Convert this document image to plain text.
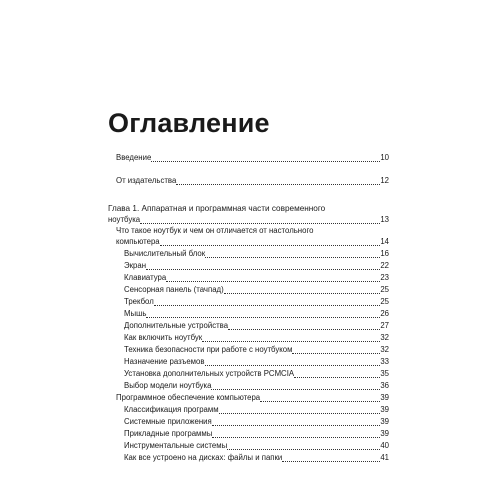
Оглавление
Введение	10
От издательства	12
Глава 1. Аппаратная и программная части современного
ноутбука	13
Что такое ноутбук и чем он отличается от настольного
компьютера	14
Вычислительный блок	16
Экран	22
Клавиатура	23
Сенсорная панель (тачпад)	25
Трекбол	25
Мышь	26
Дополнительные устройства	27
Как включить ноутбук	32
Техника безопасности при работе с ноутбуком	32
Назначение разъемов	33
Установка дополнительных устройств PCMCIA	35
Выбор модели ноутбука	36
Программное обеспечение компьютера	39
Классификация программ	39
Системные приложения	39
Прикладные программы	39
Инструментальные системы	40
Как все устроено на дисках: файлы и папки	41
